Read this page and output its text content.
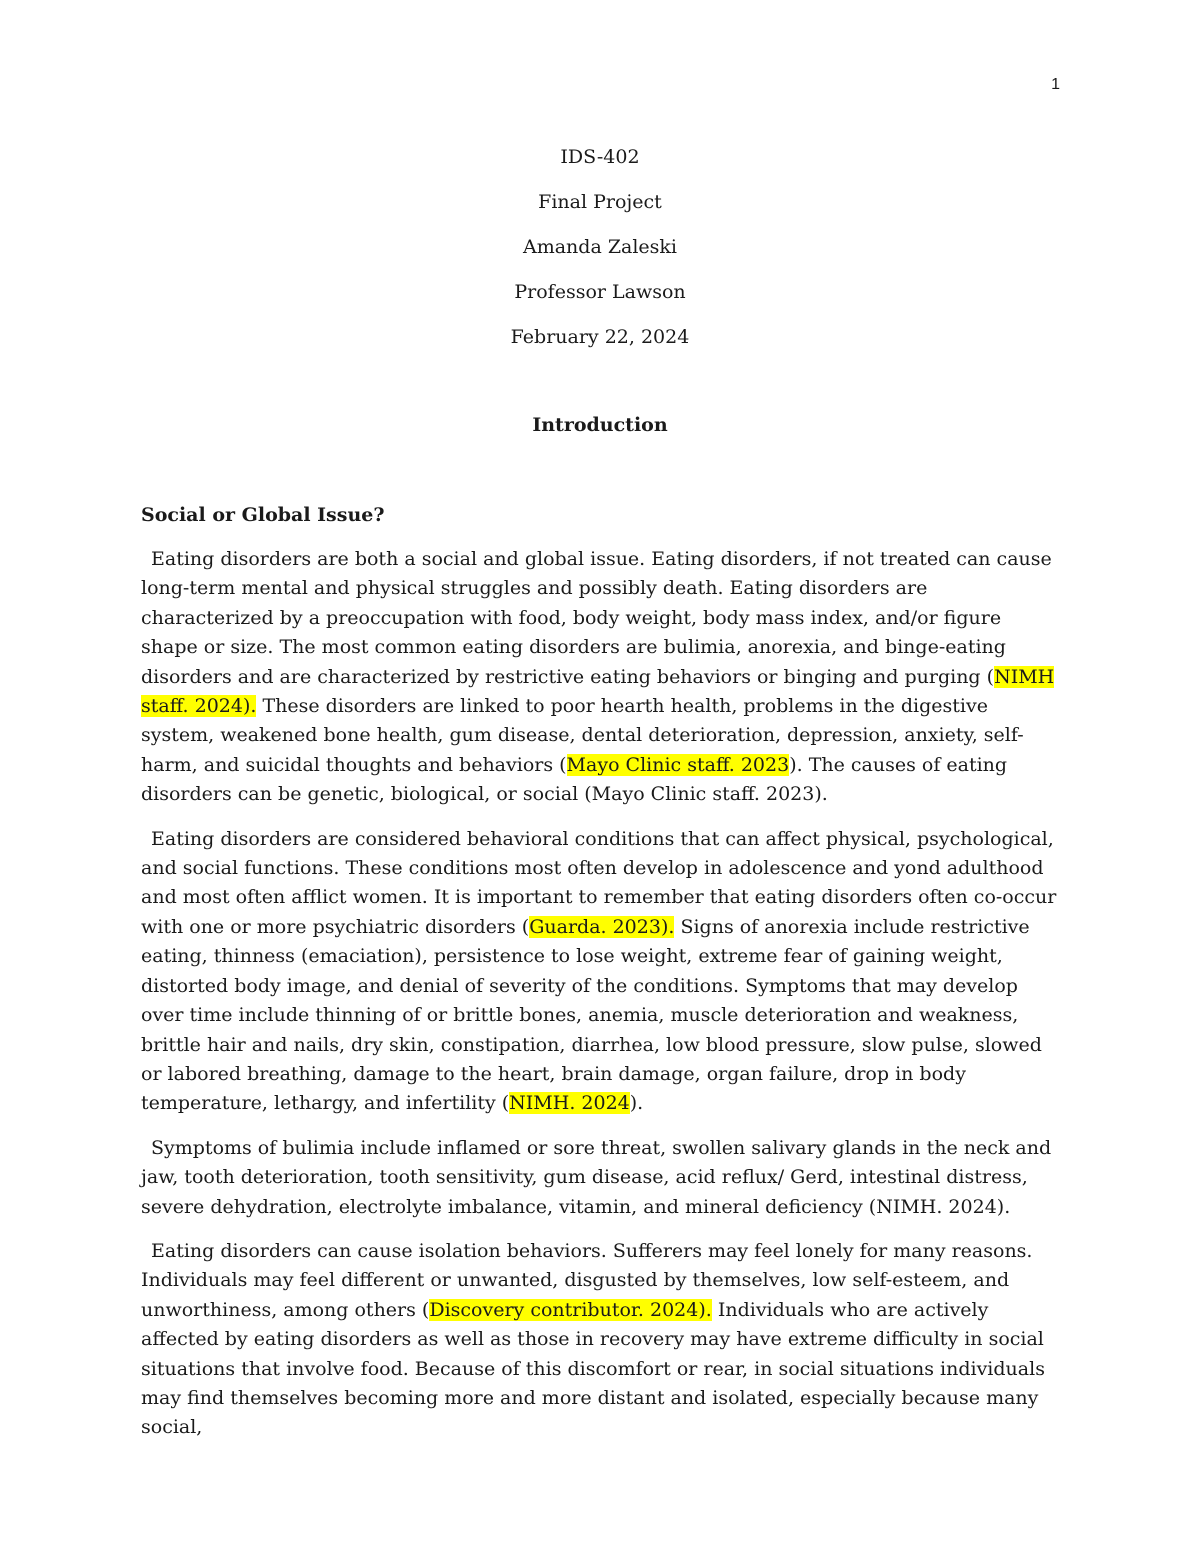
1
IDS-402
Final Project
Amanda Zaleski
Professor Lawson
February 22, 2024
Introduction
Social or Global Issue?

Eating disorders are both a social and global issue. Eating disorders, if not treated can cause long-term mental and physical struggles and possibly death. Eating disorders are characterized by a preoccupation with food, body weight, body mass index, and/or figure shape or size. The most common eating disorders are bulimia, anorexia, and binge-eating disorders and are characterized by restrictive eating behaviors or binging and purging (NIMH staff. 2024). These disorders are linked to poor hearth health, problems in the digestive system, weakened bone health, gum disease, dental deterioration, depression, anxiety, self-harm, and suicidal thoughts and behaviors (Mayo Clinic staff. 2023). The causes of eating disorders can be genetic, biological, or social (Mayo Clinic staff. 2023).

Eating disorders are considered behavioral conditions that can affect physical, psychological, and social functions. These conditions most often develop in adolescence and yond adulthood and most often afflict women. It is important to remember that eating disorders often co-occur with one or more psychiatric disorders (Guarda. 2023). Signs of anorexia include restrictive eating, thinness (emaciation), persistence to lose weight, extreme fear of gaining weight, distorted body image, and denial of severity of the conditions. Symptoms that may develop over time include thinning of or brittle bones, anemia, muscle deterioration and weakness, brittle hair and nails, dry skin, constipation, diarrhea, low blood pressure, slow pulse, slowed or labored breathing, damage to the heart, brain damage, organ failure, drop in body temperature, lethargy, and infertility (NIMH. 2024).

Symptoms of bulimia include inflamed or sore threat, swollen salivary glands in the neck and jaw, tooth deterioration, tooth sensitivity, gum disease, acid reflux/ Gerd, intestinal distress, severe dehydration, electrolyte imbalance, vitamin, and mineral deficiency (NIMH. 2024).

Eating disorders can cause isolation behaviors. Sufferers may feel lonely for many reasons. Individuals may feel different or unwanted, disgusted by themselves, low self-esteem, and unworthiness, among others (Discovery contributor. 2024). Individuals who are actively affected by eating disorders as well as those in recovery may have extreme difficulty in social situations that involve food. Because of this discomfort or rear, in social situations individuals may find themselves becoming more and more distant and isolated, especially because many social,
